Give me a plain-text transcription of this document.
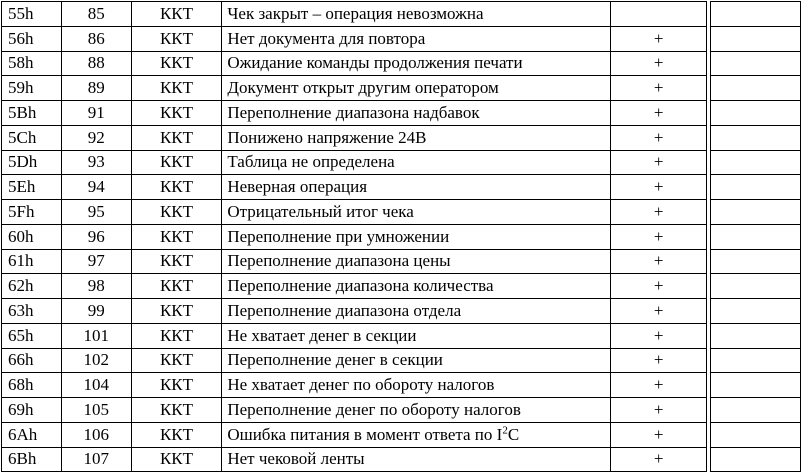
55h	85	ККТ	Чек закрыт – операция невозможна			
56h	86	ККТ	Нет документа для повтора	+		
58h	88	ККТ	Ожидание команды продолжения печати	+		
59h	89	ККТ	Документ открыт другим оператором	+		
5Bh	91	ККТ	Переполнение диапазона надбавок	+		
5Ch	92	ККТ	Понижено напряжение 24В	+		
5Dh	93	ККТ	Таблица не определена	+		
5Eh	94	ККТ	Неверная операция	+		
5Fh	95	ККТ	Отрицательный итог чека	+		
60h	96	ККТ	Переполнение при умножении	+		
61h	97	ККТ	Переполнение диапазона цены	+		
62h	98	ККТ	Переполнение диапазона количества	+		
63h	99	ККТ	Переполнение диапазона отдела	+		
65h	101	ККТ	Не хватает денег в секции	+		
66h	102	ККТ	Переполнение денег в секции	+		
68h	104	ККТ	Не хватает денег по обороту налогов	+		
69h	105	ККТ	Переполнение денег по обороту налогов	+		
6Ah	106	ККТ	Ошибка питания в момент ответа по $I^2C$	+		
6Bh	107	ККТ	Нет чековой ленты	+		
